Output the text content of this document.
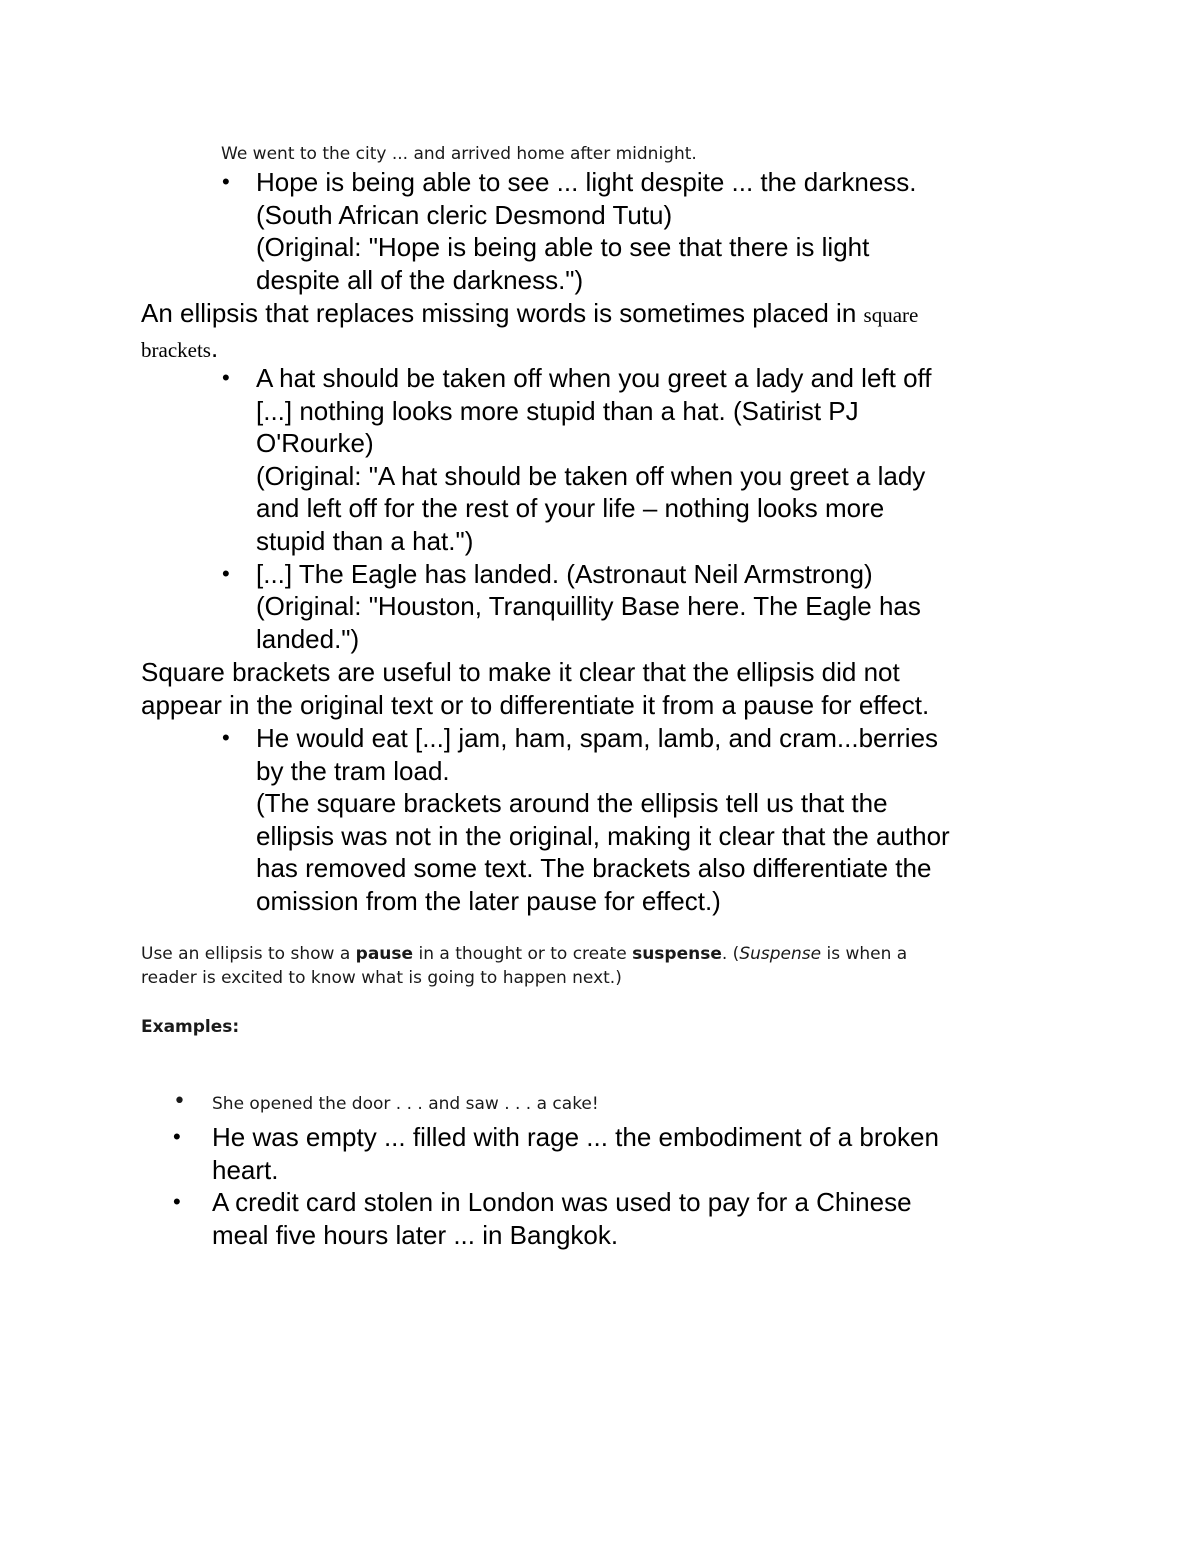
We went to the city ... and arrived home after midnight.
• Hope is being able to see ... light despite ... the darkness.
(South African cleric Desmond Tutu)
(Original: "Hope is being able to see that there is light
despite all of the darkness.")
An ellipsis that replaces missing words is sometimes placed in square
brackets.
• A hat should be taken off when you greet a lady and left off
[...] nothing looks more stupid than a hat. (Satirist PJ
O'Rourke)
(Original: "A hat should be taken off when you greet a lady
and left off for the rest of your life – nothing looks more
stupid than a hat.")
• [...] The Eagle has landed. (Astronaut Neil Armstrong)
(Original: "Houston, Tranquillity Base here. The Eagle has
landed.")
Square brackets are useful to make it clear that the ellipsis did not
appear in the original text or to differentiate it from a pause for effect.
• He would eat [...] jam, ham, spam, lamb, and cram...berries
by the tram load.
(The square brackets around the ellipsis tell us that the
ellipsis was not in the original, making it clear that the author
has removed some text. The brackets also differentiate the
omission from the later pause for effect.)
Use an ellipsis to show a pause in a thought or to create suspense. (Suspense is when a
reader is excited to know what is going to happen next.)
Examples:
• She opened the door . . . and saw . . . a cake!
• He was empty ... filled with rage ... the embodiment of a broken
heart.
• A credit card stolen in London was used to pay for a Chinese
meal five hours later ... in Bangkok.
